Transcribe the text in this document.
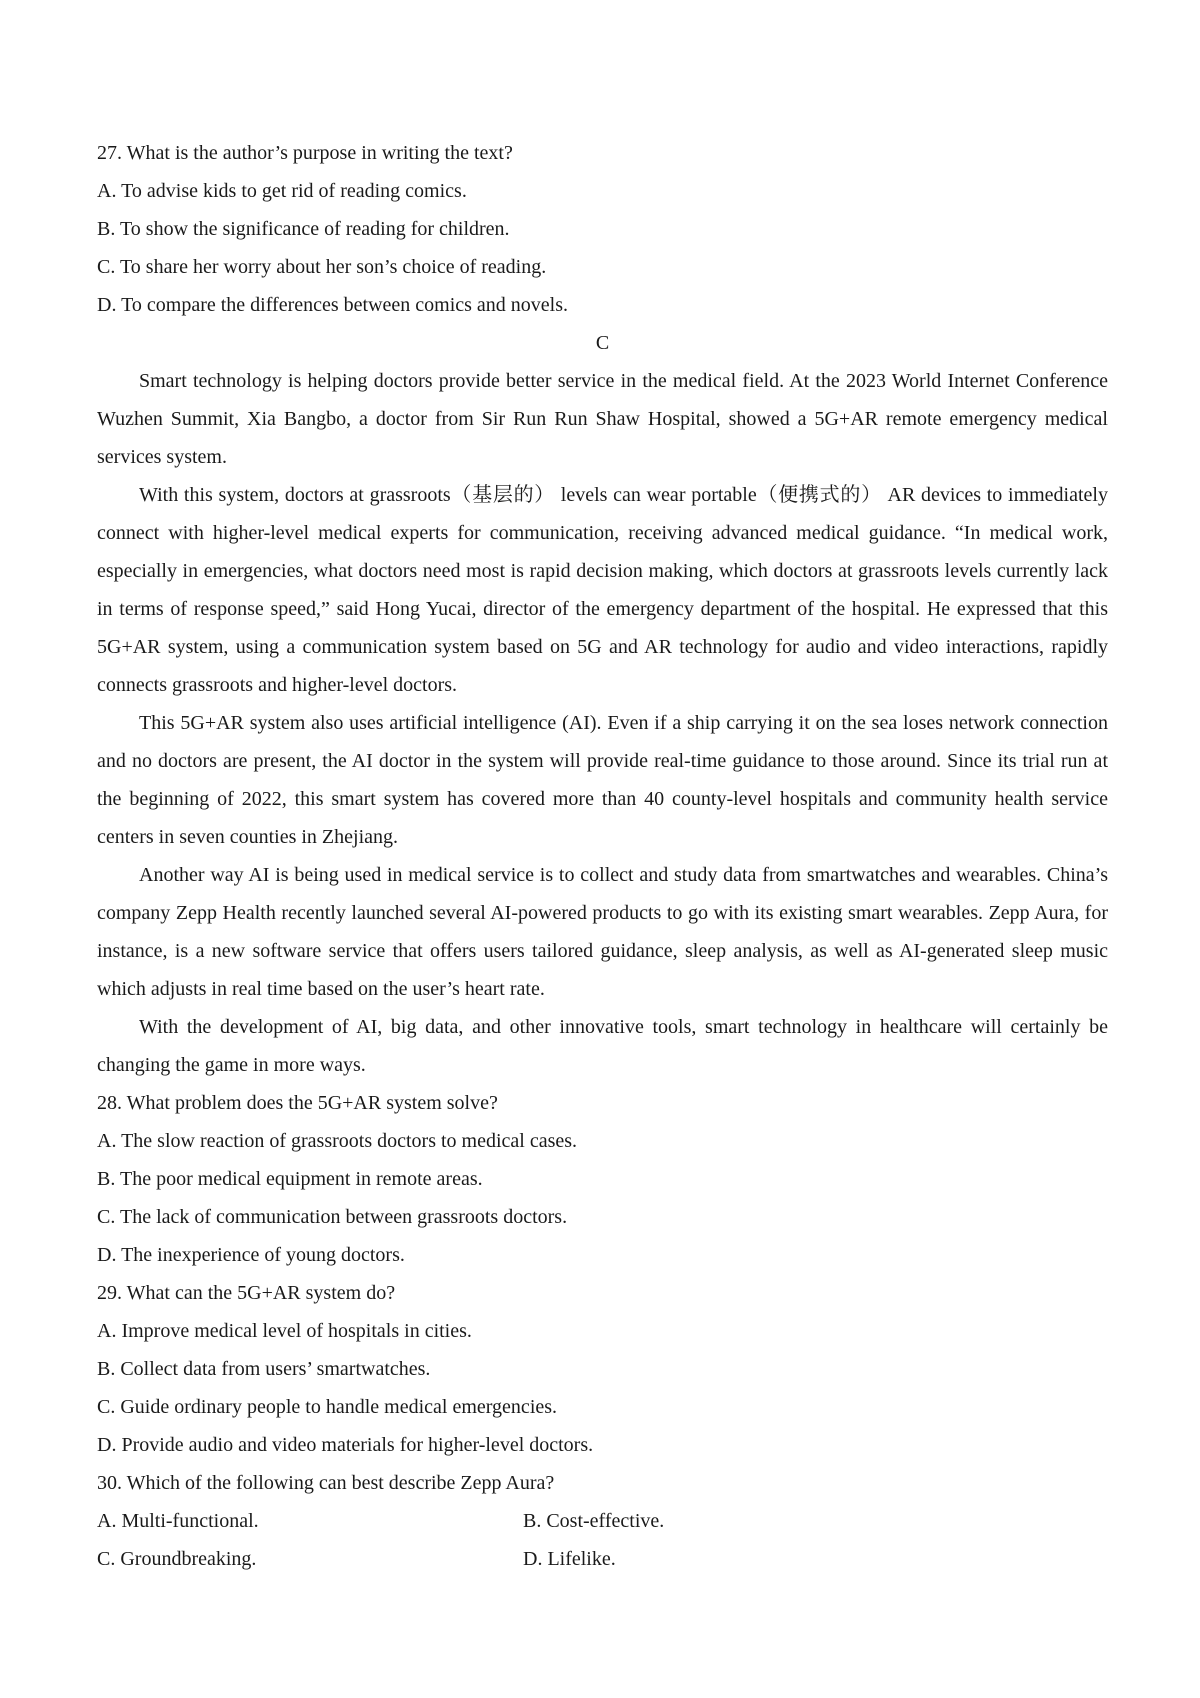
27. What is the author’s purpose in writing the text?
A. To advise kids to get rid of reading comics.
B. To show the significance of reading for children.
C. To share her worry about her son’s choice of reading.
D. To compare the differences between comics and novels.
C

Smart technology is helping doctors provide better service in the medical field. At the 2023 World Internet Conference Wuzhen Summit, Xia Bangbo, a doctor from Sir Run Run Shaw Hospital, showed a 5G+AR remote emergency medical services system.

With this system, doctors at grassroots（基层的） levels can wear portable（便携式的） AR devices to immediately connect with higher-level medical experts for communication, receiving advanced medical guidance. “In medical work, especially in emergencies, what doctors need most is rapid decision making, which doctors at grassroots levels currently lack in terms of response speed,” said Hong Yucai, director of the emergency department of the hospital. He expressed that this 5G+AR system, using a communication system based on 5G and AR technology for audio and video interactions, rapidly connects grassroots and higher-level doctors.

This 5G+AR system also uses artificial intelligence (AI). Even if a ship carrying it on the sea loses network connection and no doctors are present, the AI doctor in the system will provide real-time guidance to those around. Since its trial run at the beginning of 2022, this smart system has covered more than 40 county-level hospitals and community health service centers in seven counties in Zhejiang.

Another way AI is being used in medical service is to collect and study data from smartwatches and wearables. China’s company Zepp Health recently launched several AI-powered products to go with its existing smart wearables. Zepp Aura, for instance, is a new software service that offers users tailored guidance, sleep analysis, as well as AI-generated sleep music which adjusts in real time based on the user’s heart rate.

With the development of AI, big data, and other innovative tools, smart technology in healthcare will certainly be changing the game in more ways.

28. What problem does the 5G+AR system solve?
A. The slow reaction of grassroots doctors to medical cases.
B. The poor medical equipment in remote areas.
C. The lack of communication between grassroots doctors.
D. The inexperience of young doctors.
29. What can the 5G+AR system do?
A. Improve medical level of hospitals in cities.
B. Collect data from users’ smartwatches.
C. Guide ordinary people to handle medical emergencies.
D. Provide audio and video materials for higher-level doctors.
30. Which of the following can best describe Zepp Aura?
A. Multi-functional.	B. Cost-effective.
C. Groundbreaking.	D. Lifelike.
